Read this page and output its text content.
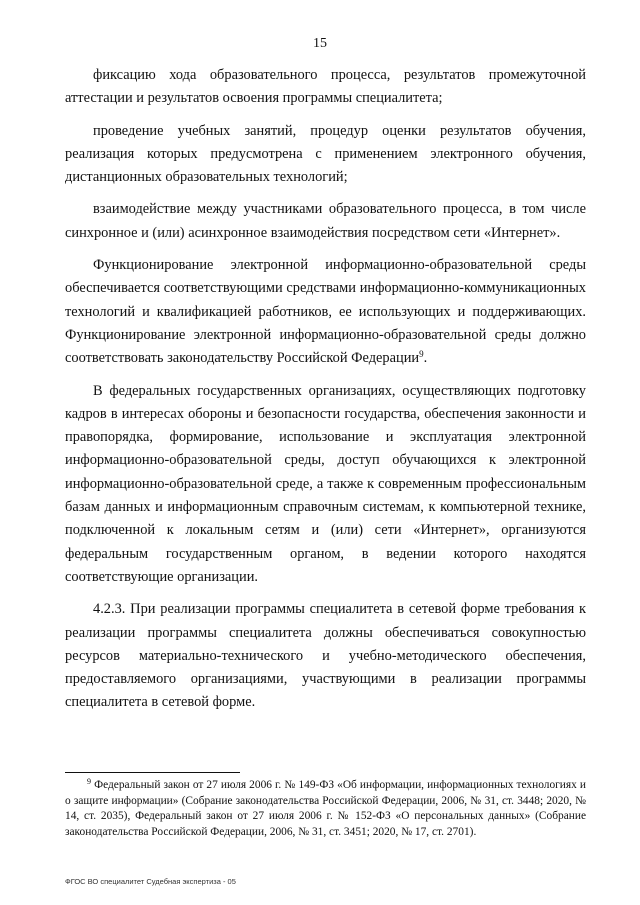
15

фиксацию хода образовательного процесса, результатов промежуточной аттестации и результатов освоения программы специалитета;

проведение учебных занятий, процедур оценки результатов обучения, реализация которых предусмотрена с применением электронного обучения, дистанционных образовательных технологий;

взаимодействие между участниками образовательного процесса, в том числе синхронное и (или) асинхронное взаимодействия посредством сети «Интернет».

Функционирование электронной информационно-образовательной среды обеспечивается соответствующими средствами информационно-коммуникационных технологий и квалификацией работников, ее использующих и поддерживающих. Функционирование электронной информационно-образовательной среды должно соответствовать законодательству Российской Федерации$^9$.

В федеральных государственных организациях, осуществляющих подготовку кадров в интересах обороны и безопасности государства, обеспечения законности и правопорядка, формирование, использование и эксплуатация электронной информационно-образовательной среды, доступ обучающихся к электронной информационно-образовательной среде, а также к современным профессиональным базам данных и информационным справочным системам, к компьютерной технике, подключенной к локальным сетям и (или) сети «Интернет», организуются федеральным государственным органом, в ведении которого находятся соответствующие организации.

4.2.3. При реализации программы специалитета в сетевой форме требования к реализации программы специалитета должны обеспечиваться совокупностью ресурсов материально-технического и учебно-методического обеспечения, предоставляемого организациями, участвующими в реализации программы специалитета в сетевой форме.

$^9$ Федеральный закон от 27 июля 2006 г. № 149-ФЗ «Об информации, информационных технологиях и о защите информации» (Собрание законодательства Российской Федерации, 2006, № 31, ст. 3448; 2020, № 14, ст. 2035), Федеральный закон от 27 июля 2006 г. № 152-ФЗ «О персональных данных» (Собрание законодательства Российской Федерации, 2006, № 31, ст. 3451; 2020, № 17, ст. 2701).
ФГОС ВО специалитет Судебная экспертиза - 05
